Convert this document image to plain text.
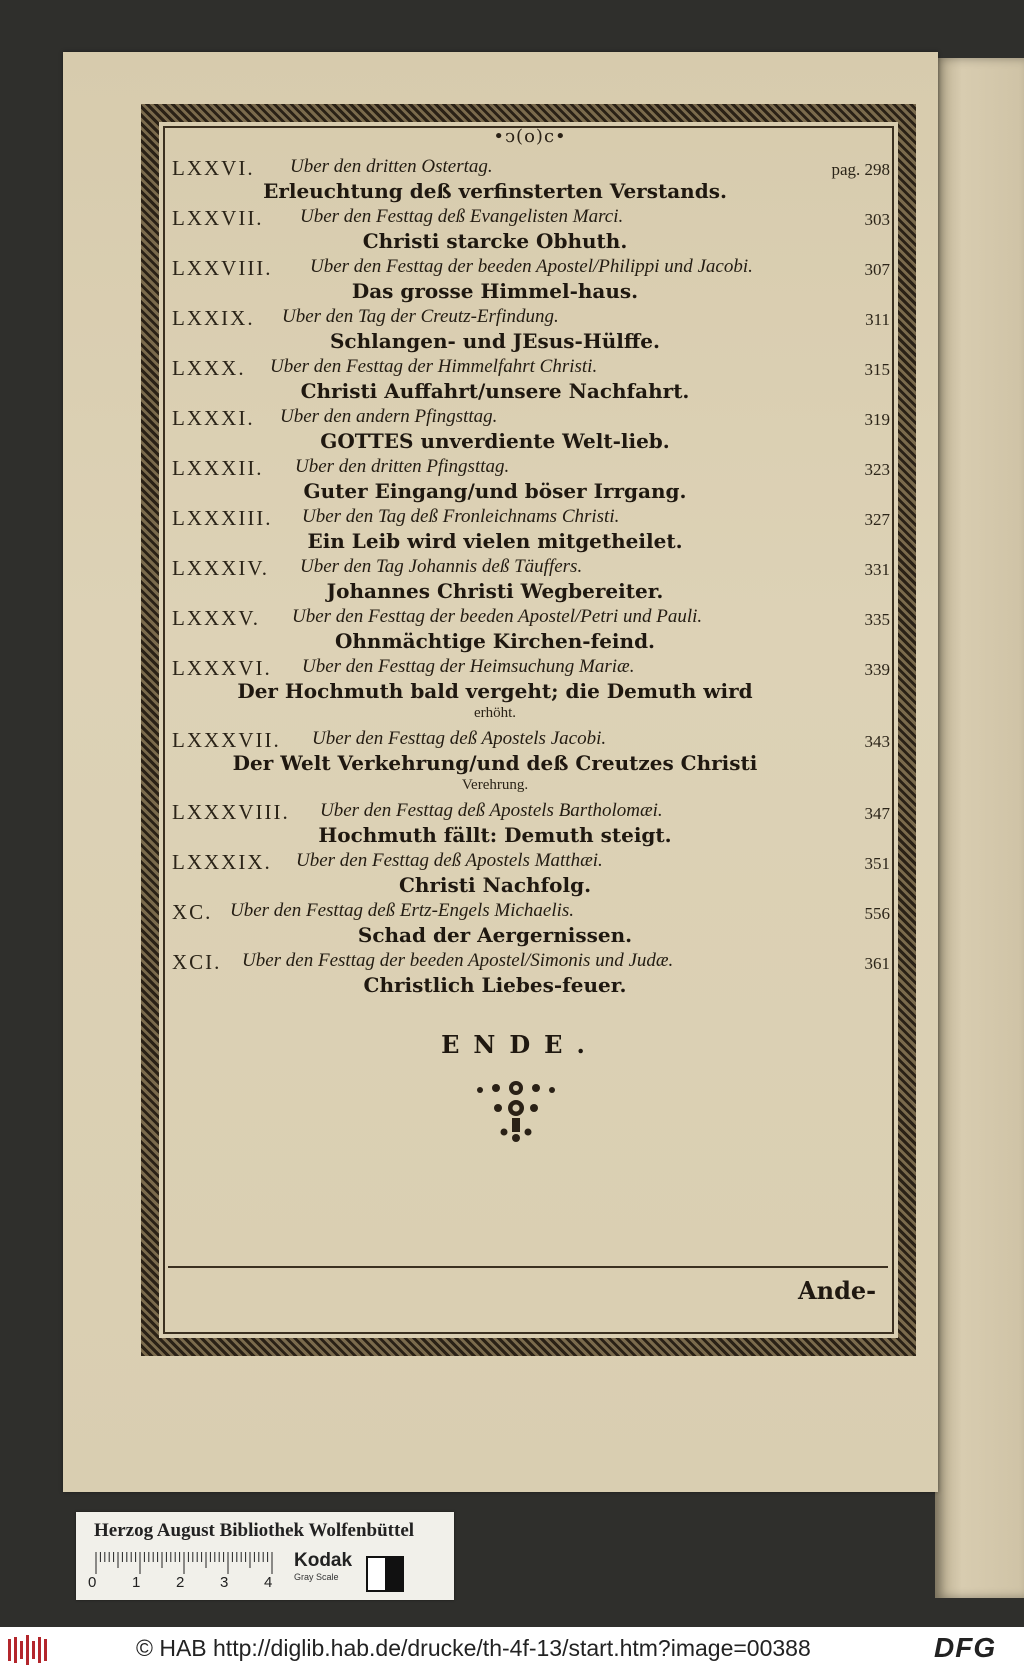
•ↄ(o)c•
LXXVI. Uber den dritten Ostertag.	pag. 298
Erleuchtung deß verfinsterten Verstands.
LXXVII. Uber den Festtag deß Evangelisten Marci.	303
Christi starcke Obhuth.
LXXVIII. Uber den Festtag der beeden Apostel/Philippi und Jacobi.	307
Das grosse Himmel-haus.
LXXIX. Uber den Tag der Creutz-Erfindung.	311
Schlangen- und JEsus-Hülffe.
LXXX. Uber den Festtag der Himmelfahrt Christi.	315
Christi Auffahrt/unsere Nachfahrt.
LXXXI. Uber den andern Pfingsttag.	319
GOTTES unverdiente Welt-lieb.
LXXXII. Uber den dritten Pfingsttag.	323
Guter Eingang/und böser Irrgang.
LXXXIII. Uber den Tag deß Fronleichnams Christi.	327
Ein Leib wird vielen mitgetheilet.
LXXXIV. Uber den Tag Johannis deß Täuffers.	331
Johannes Christi Wegbereiter.
LXXXV. Uber den Festtag der beeden Apostel/Petri und Pauli.	335
Ohnmächtige Kirchen-feind.
LXXXVI. Uber den Festtag der Heimsuchung Mariæ.	339
Der Hochmuth bald vergeht; die Demuth wird
erhöht.
LXXXVII. Uber den Festtag deß Apostels Jacobi.	343
Der Welt Verkehrung/und deß Creutzes Christi
Verehrung.
LXXXVIII. Uber den Festtag deß Apostels Bartholomæi.	347
Hochmuth fällt: Demuth steigt.
LXXXIX. Uber den Festtag deß Apostels Matthæi.	351
Christi Nachfolg.
XC. Uber den Festtag deß Ertz-Engels Michaelis.	556
Schad der Aergernissen.
XCI. Uber den Festtag der beeden Apostel/Simonis und Judæ.	361
Christlich Liebes-feuer.
ENDE.
Ande-
Herzog August Bibliothek Wolfenbüttel
0 1 2 3 4
Kodak
Gray Scale
© HAB http://diglib.hab.de/drucke/th-4f-13/start.htm?image=00388	DFG
